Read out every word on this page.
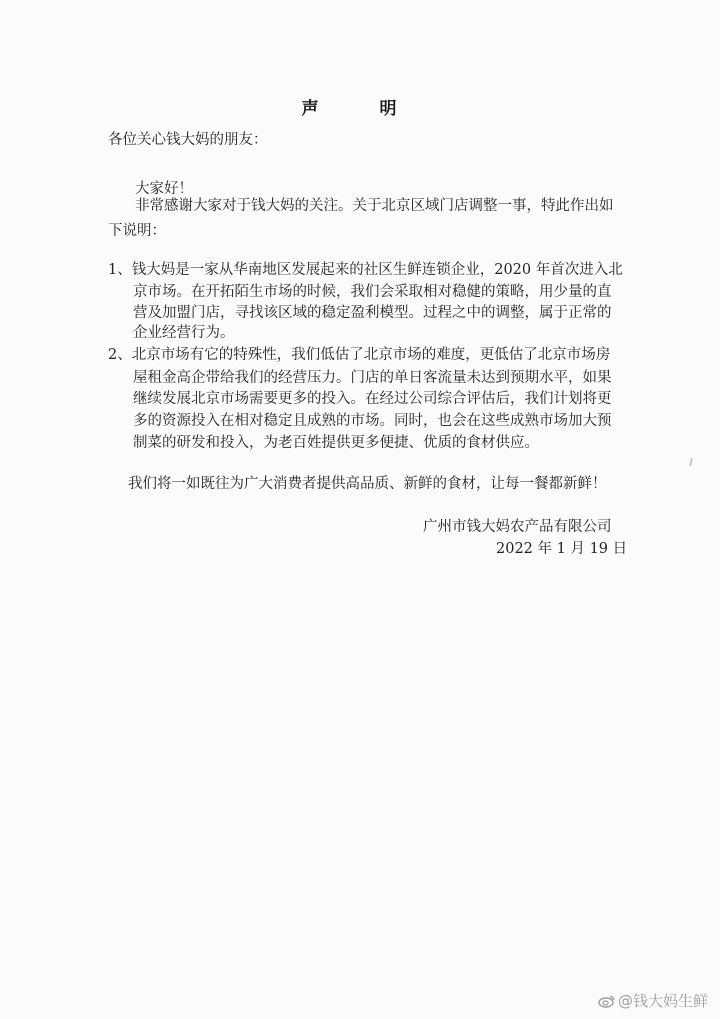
声　明
各位关心钱大妈的朋友：
大家好！
非常感谢大家对于钱大妈的关注。关于北京区域门店调整一事，特此作出如
下说明：
1、钱大妈是一家从华南地区发展起来的社区生鲜连锁企业，2020 年首次进入北
京市场。在开拓陌生市场的时候，我们会采取相对稳健的策略，用少量的直
营及加盟门店，寻找该区域的稳定盈利模型。过程之中的调整，属于正常的
企业经营行为。
2、北京市场有它的特殊性，我们低估了北京市场的难度，更低估了北京市场房
屋租金高企带给我们的经营压力。门店的单日客流量未达到预期水平，如果
继续发展北京市场需要更多的投入。在经过公司综合评估后，我们计划将更
多的资源投入在相对稳定且成熟的市场。同时，也会在这些成熟市场加大预
制菜的研发和投入，为老百姓提供更多便捷、优质的食材供应。
我们将一如既往为广大消费者提供高品质、新鲜的食材，让每一餐都新鲜！
广州市钱大妈农产品有限公司
2022 年 1 月 19 日
@钱大妈生鲜
